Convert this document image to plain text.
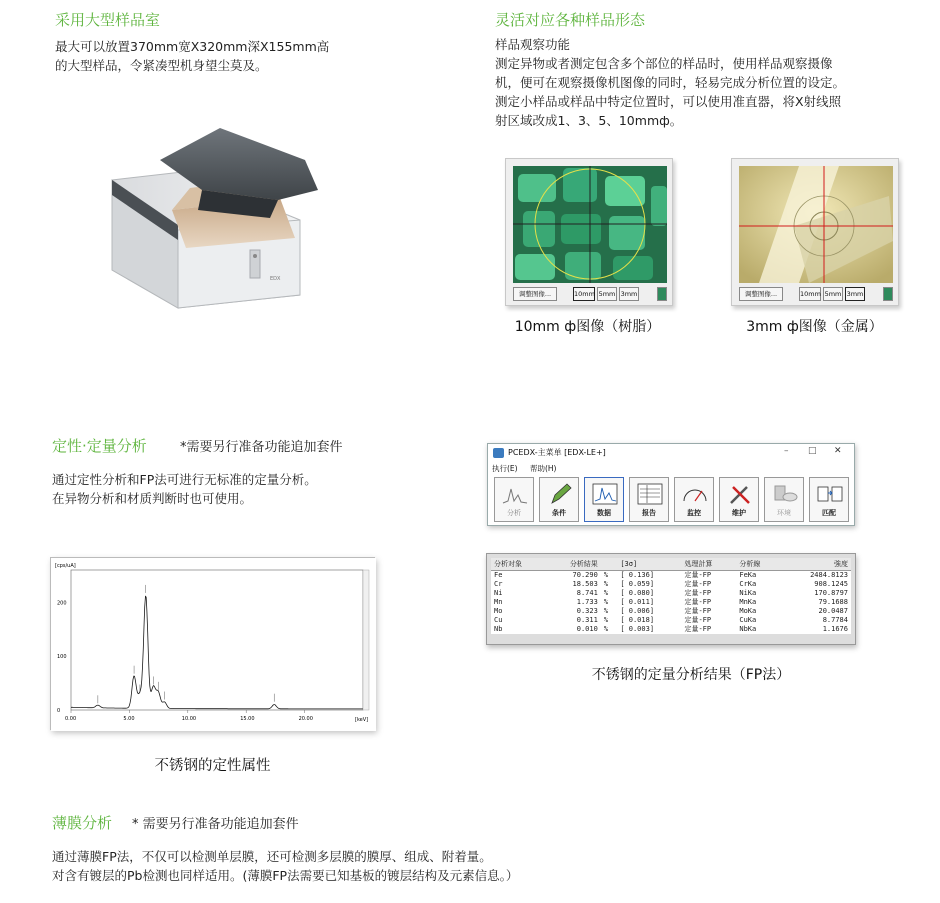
采用大型样品室
最大可以放置370mm宽X320mm深X155mm高
的大型样品，令紧凑型机身望尘莫及。
EDX
灵活对应各种样品形态
样品观察功能
测定异物或者测定包含多个部位的样品时，使用样品观察摄像
机，便可在观察摄像机图像的同时，轻易完成分析位置的设定。
测定小样品或样品中特定位置时，可以使用准直器，将X射线照
射区域改成1、3、5、10mmф。
调整图像...	10mm 5mm 3mm
10mm ф图像（树脂）
调整图像...	10mm 5mm 3mm
3mm ф图像（金属）
定性·定量分析	*需要另行准备功能追加套件
通过定性分析和FP法可进行无标准的定量分析。
在异物分析和材质判断时也可使用。
[cps/uA]
[keV]
0.00	5.00	10.00	15.00	20.00
200
100
0
不锈钢的定性属性
PCEDX-主菜单 [EDX-LE+]	– □ ✕
执行(E) 帮助(H)
分析	条件	数据	报告	监控	维护	环境	匹配
分析对象	分析結果		[3σ]	処理計算	分析線	強度
Fe	70.290	%	[ 0.136]	定量-FP	FeKa	2484.8123
Cr	18.503	%	[ 0.059]	定量-FP	CrKa	908.1245
Ni	8.741	%	[ 0.080]	定量-FP	NiKa	170.8797
Mn	1.733	%	[ 0.011]	定量-FP	MnKa	79.1688
Mo	0.323	%	[ 0.006]	定量-FP	MoKa	20.0487
Cu	0.311	%	[ 0.018]	定量-FP	CuKa	8.7784
Nb	0.010	%	[ 0.003]	定量-FP	NbKa	1.1676
不锈钢的定量分析结果（FP法）
薄膜分析 * 需要另行准备功能追加套件
通过薄膜FP法，不仅可以检测单层膜，还可检测多层膜的膜厚、组成、附着量。
对含有镀层的Pb检测也同样适用。(薄膜FP法需要已知基板的镀层结构及元素信息。）
